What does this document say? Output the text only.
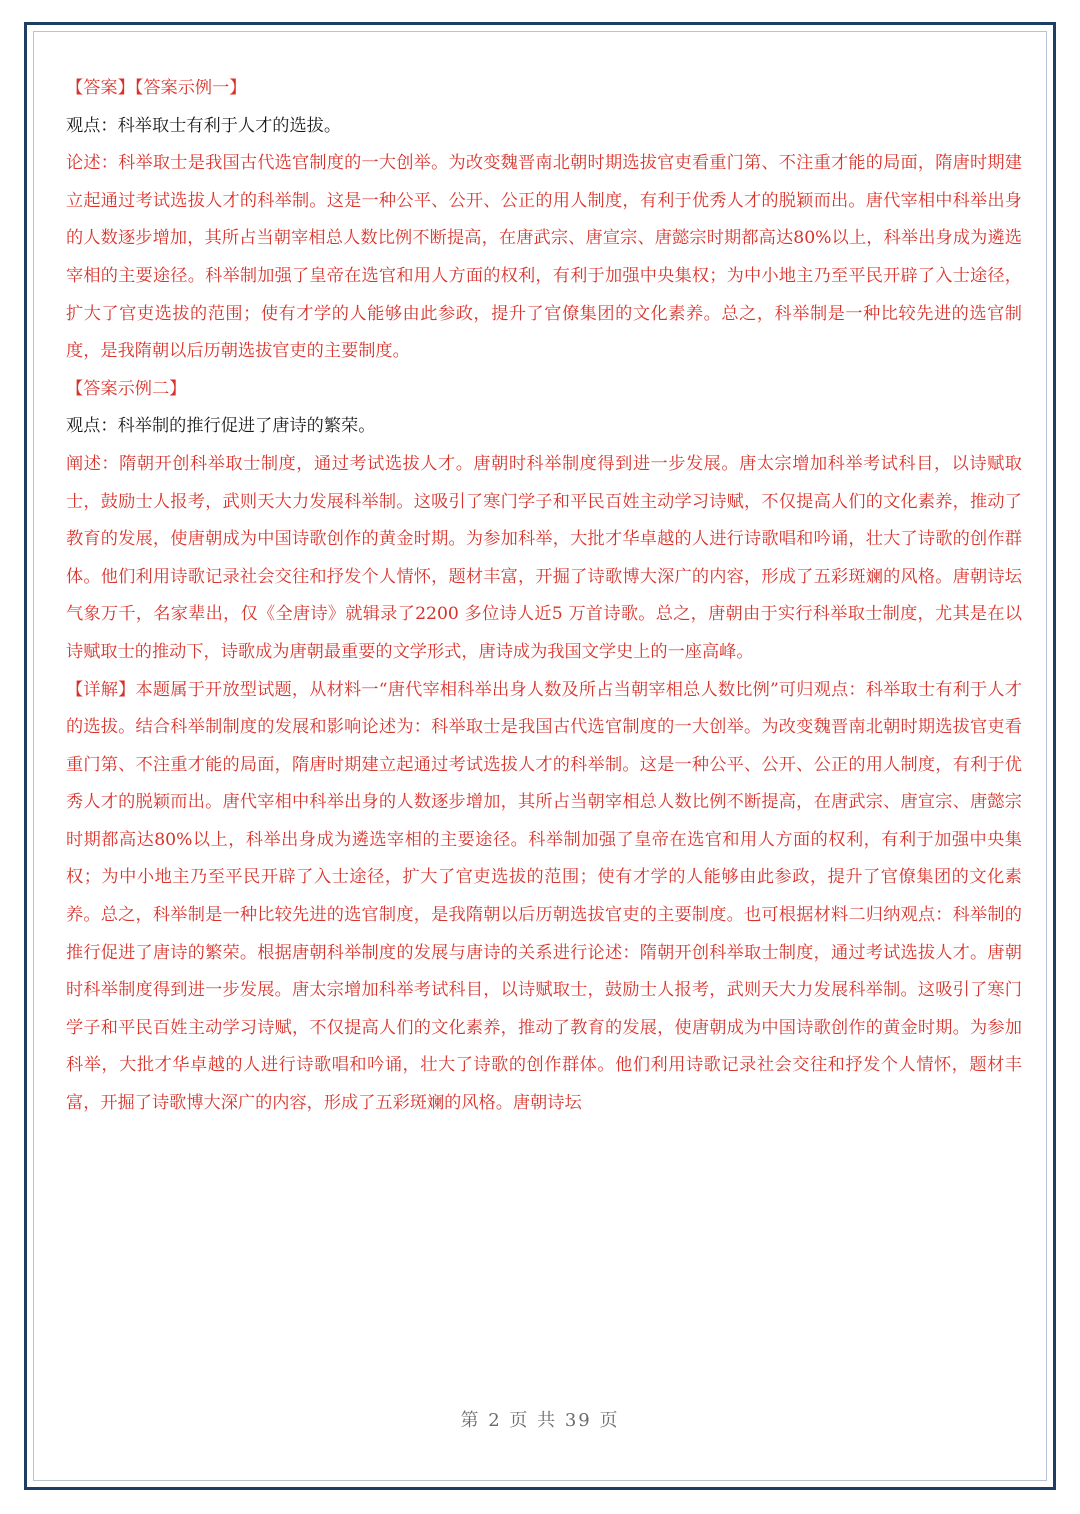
【答案】【答案示例一】

观点：科举取士有利于人才的选拔。

论述：科举取士是我国古代选官制度的一大创举。为改变魏晋南北朝时期选拔官吏看重门第、不注重才能的局面，隋唐时期建立起通过考试选拔人才的科举制。这是一种公平、公开、公正的用人制度，有利于优秀人才的脱颖而出。唐代宰相中科举出身的人数逐步增加，其所占当朝宰相总人数比例不断提高，在唐武宗、唐宣宗、唐懿宗时期都高达80%以上，科举出身成为遴选宰相的主要途径。科举制加强了皇帝在选官和用人方面的权利，有利于加强中央集权；为中小地主乃至平民开辟了入士途径，扩大了官吏选拔的范围；使有才学的人能够由此参政，提升了官僚集团的文化素养。总之，科举制是一种比较先进的选官制度，是我隋朝以后历朝选拔官吏的主要制度。

【答案示例二】

观点：科举制的推行促进了唐诗的繁荣。

阐述：隋朝开创科举取士制度，通过考试选拔人才。唐朝时科举制度得到进一步发展。唐太宗增加科举考试科目，以诗赋取士，鼓励士人报考，武则天大力发展科举制。这吸引了寒门学子和平民百姓主动学习诗赋，不仅提高人们的文化素养，推动了教育的发展，使唐朝成为中国诗歌创作的黄金时期。为参加科举，大批才华卓越的人进行诗歌唱和吟诵，壮大了诗歌的创作群体。他们利用诗歌记录社会交往和抒发个人情怀，题材丰富，开掘了诗歌博大深广的内容，形成了五彩斑斓的风格。唐朝诗坛气象万千，名家辈出，仅《全唐诗》就辑录了2200 多位诗人近5 万首诗歌。总之，唐朝由于实行科举取士制度，尤其是在以诗赋取士的推动下，诗歌成为唐朝最重要的文学形式，唐诗成为我国文学史上的一座高峰。

【详解】本题属于开放型试题，从材料一“唐代宰相科举出身人数及所占当朝宰相总人数比例”可归观点：科举取士有利于人才的选拔。结合科举制制度的发展和影响论述为：科举取士是我国古代选官制度的一大创举。为改变魏晋南北朝时期选拔官吏看重门第、不注重才能的局面，隋唐时期建立起通过考试选拔人才的科举制。这是一种公平、公开、公正的用人制度，有利于优秀人才的脱颖而出。唐代宰相中科举出身的人数逐步增加，其所占当朝宰相总人数比例不断提高，在唐武宗、唐宣宗、唐懿宗时期都高达80%以上，科举出身成为遴选宰相的主要途径。科举制加强了皇帝在选官和用人方面的权利，有利于加强中央集权；为中小地主乃至平民开辟了入士途径，扩大了官吏选拔的范围；使有才学的人能够由此参政，提升了官僚集团的文化素养。总之，科举制是一种比较先进的选官制度，是我隋朝以后历朝选拔官吏的主要制度。也可根据材料二归纳观点：科举制的推行促进了唐诗的繁荣。根据唐朝科举制度的发展与唐诗的关系进行论述：隋朝开创科举取士制度，通过考试选拔人才。唐朝时科举制度得到进一步发展。唐太宗增加科举考试科目，以诗赋取士，鼓励士人报考，武则天大力发展科举制。这吸引了寒门学子和平民百姓主动学习诗赋，不仅提高人们的文化素养，推动了教育的发展，使唐朝成为中国诗歌创作的黄金时期。为参加科举，大批才华卓越的人进行诗歌唱和吟诵，壮大了诗歌的创作群体。他们利用诗歌记录社会交往和抒发个人情怀，题材丰富，开掘了诗歌博大深广的内容，形成了五彩斑斓的风格。唐朝诗坛

第 2 页 共 39 页
